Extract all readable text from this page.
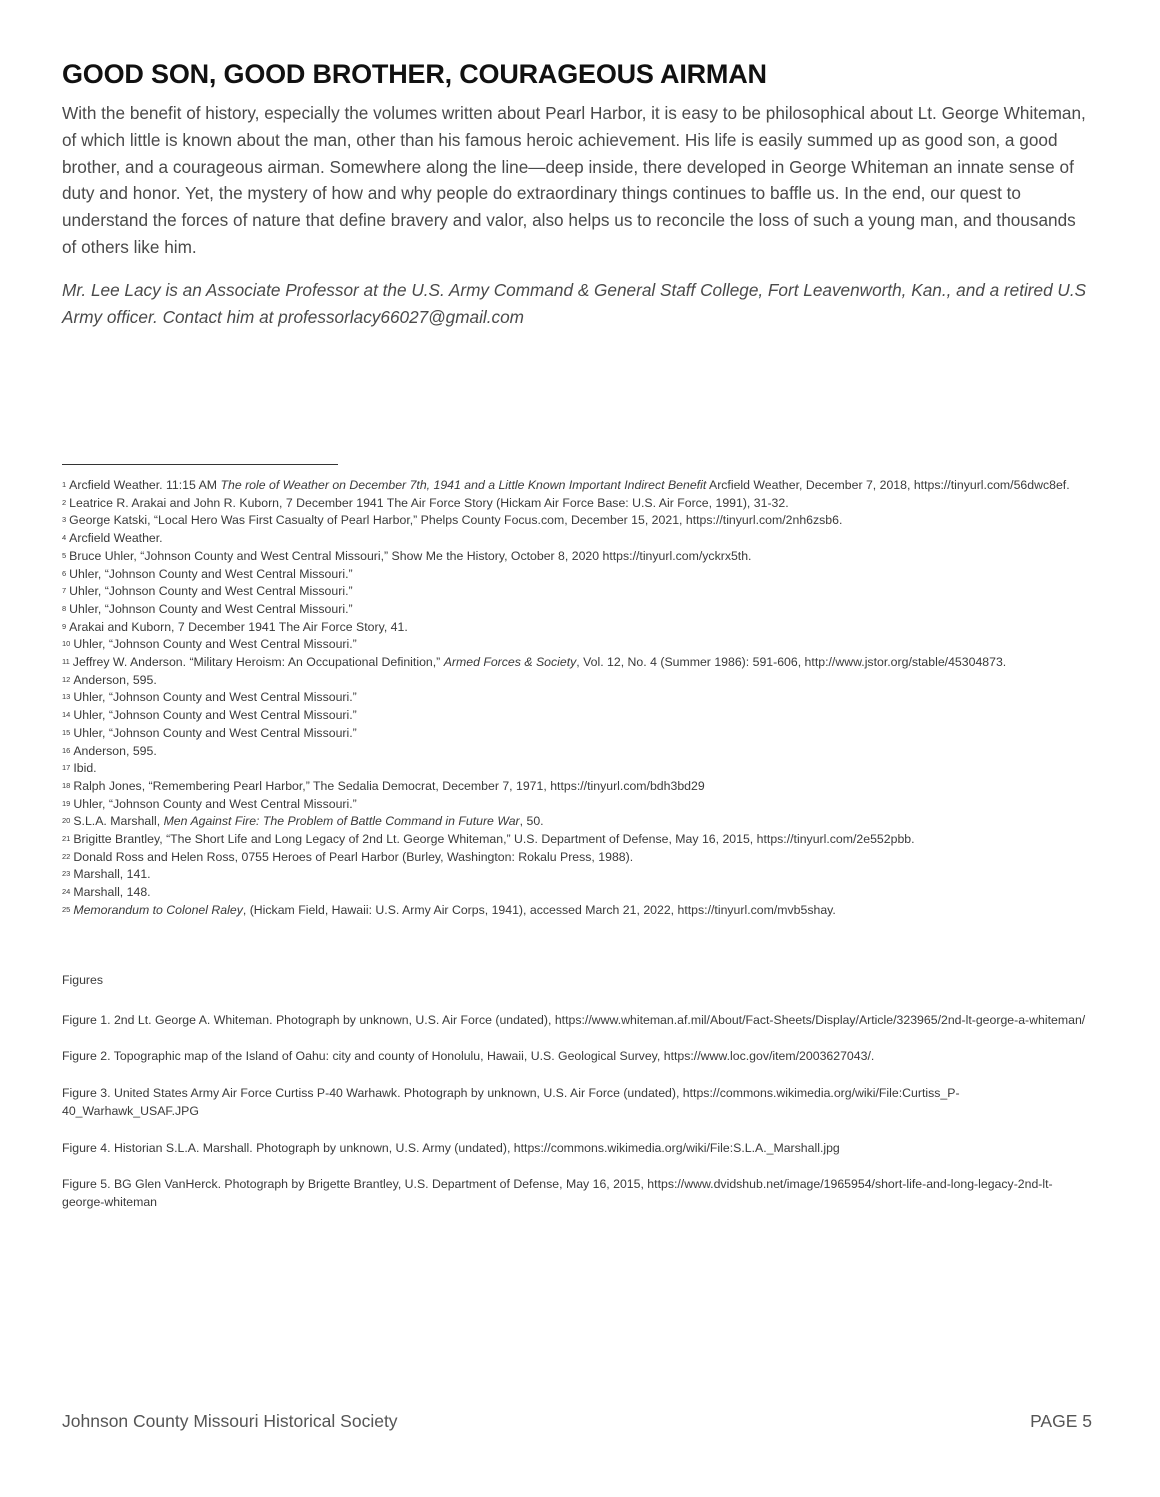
GOOD SON, GOOD BROTHER, COURAGEOUS AIRMAN

With the benefit of history, especially the volumes written about Pearl Harbor, it is easy to be philosophical about Lt. George Whiteman, of which little is known about the man, other than his famous heroic achievement. His life is easily summed up as good son, a good brother, and a courageous airman. Somewhere along the line—deep inside, there developed in George Whiteman an innate sense of duty and honor. Yet, the mystery of how and why people do extraordinary things continues to baffle us. In the end, our quest to understand the forces of nature that define bravery and valor, also helps us to reconcile the loss of such a young man, and thousands of others like him.

Mr. Lee Lacy is an Associate Professor at the U.S. Army Command & General Staff College, Fort Leavenworth, Kan., and a retired U.S Army officer. Contact him at professorlacy66027@gmail.com

$^1$ Arcfield Weather. 11:15 AM The role of Weather on December 7th, 1941 and a Little Known Important Indirect Benefit Arcfield Weather, December 7, 2018, https://tinyurl.com/56dwc8ef.

$^2$ Leatrice R. Arakai and John R. Kuborn, 7 December 1941 The Air Force Story (Hickam Air Force Base: U.S. Air Force, 1991), 31-32.

$^3$ George Katski, “Local Hero Was First Casualty of Pearl Harbor,” Phelps County Focus.com, December 15, 2021, https://tinyurl.com/2nh6zsb6.

$^4$ Arcfield Weather.

$^5$ Bruce Uhler, “Johnson County and West Central Missouri,” Show Me the History, October 8, 2020 https://tinyurl.com/yckrx5th.

$^6$ Uhler, “Johnson County and West Central Missouri.”

$^7$ Uhler, “Johnson County and West Central Missouri.”

$^8$ Uhler, “Johnson County and West Central Missouri.”

$^9$ Arakai and Kuborn, 7 December 1941 The Air Force Story, 41.

$^{10}$ Uhler, “Johnson County and West Central Missouri.”

$^{11}$ Jeffrey W. Anderson. “Military Heroism: An Occupational Definition,” Armed Forces & Society, Vol. 12, No. 4 (Summer 1986): 591-606, http://www.jstor.org/stable/45304873.

$^{12}$ Anderson, 595.

$^{13}$ Uhler, “Johnson County and West Central Missouri.”

$^{14}$ Uhler, “Johnson County and West Central Missouri.”

$^{15}$ Uhler, “Johnson County and West Central Missouri.”

$^{16}$ Anderson, 595.

$^{17}$ Ibid.

$^{18}$ Ralph Jones, “Remembering Pearl Harbor,” The Sedalia Democrat, December 7, 1971, https://tinyurl.com/bdh3bd29

$^{19}$ Uhler, “Johnson County and West Central Missouri.”

$^{20}$ S.L.A. Marshall, Men Against Fire: The Problem of Battle Command in Future War, 50.

$^{21}$ Brigitte Brantley, “The Short Life and Long Legacy of 2nd Lt. George Whiteman,” U.S. Department of Defense, May 16, 2015, https://tinyurl.com/2e552pbb.

$^{22}$ Donald Ross and Helen Ross, 0755 Heroes of Pearl Harbor (Burley, Washington: Rokalu Press, 1988).

$^{23}$ Marshall, 141.

$^{24}$ Marshall, 148.

$^{25}$ Memorandum to Colonel Raley, (Hickam Field, Hawaii: U.S. Army Air Corps, 1941), accessed March 21, 2022, https://tinyurl.com/mvb5shay.

Figures

Figure 1. 2nd Lt. George A. Whiteman. Photograph by unknown, U.S. Air Force (undated), https://www.whiteman.af.mil/About/Fact-Sheets/Display/Article/323965/2nd-lt-george-a-whiteman/

Figure 2. Topographic map of the Island of Oahu: city and county of Honolulu, Hawaii, U.S. Geological Survey, https://www.loc.gov/item/2003627043/.

Figure 3. United States Army Air Force Curtiss P-40 Warhawk. Photograph by unknown, U.S. Air Force (undated), https://commons.wikimedia.org/wiki/File:Curtiss_P-40_Warhawk_USAF.JPG

Figure 4. Historian S.L.A. Marshall. Photograph by unknown, U.S. Army (undated), https://commons.wikimedia.org/wiki/File:S.L.A._Marshall.jpg

Figure 5. BG Glen VanHerck. Photograph by Brigette Brantley, U.S. Department of Defense, May 16, 2015, https://www.dvidshub.net/image/1965954/short-life-and-long-legacy-2nd-lt-george-whiteman

Johnson County Missouri Historical Society	PAGE 5
